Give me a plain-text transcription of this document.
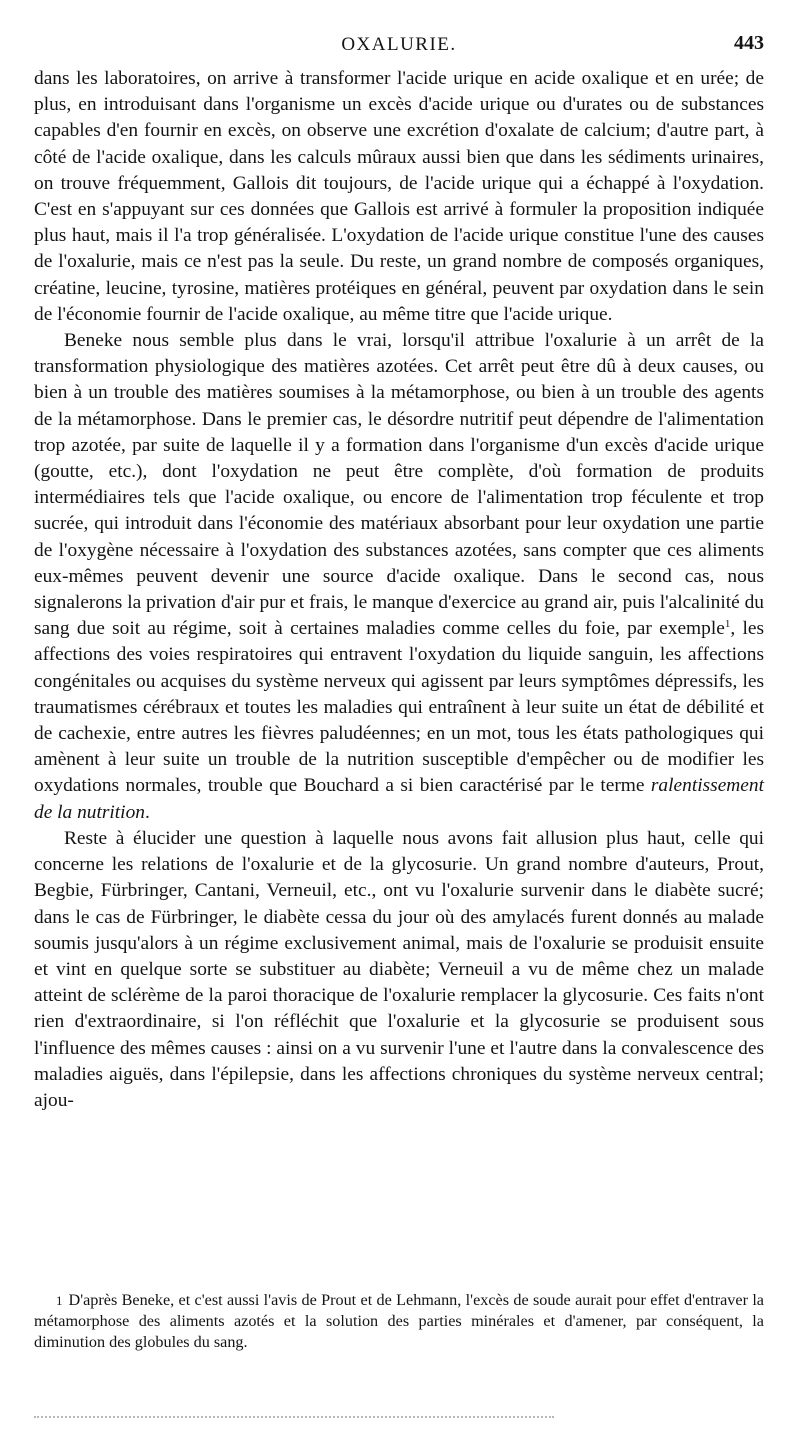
OXALURIE.	443

dans les laboratoires, on arrive à transformer l'acide urique en acide oxalique et en urée; de plus, en introduisant dans l'organisme un excès d'acide urique ou d'urates ou de substances capables d'en fournir en excès, on observe une excrétion d'oxalate de calcium; d'autre part, à côté de l'acide oxalique, dans les calculs mûraux aussi bien que dans les sédiments urinaires, on trouve fréquemment, Gallois dit toujours, de l'acide urique qui a échappé à l'oxydation. C'est en s'appuyant sur ces données que Gallois est arrivé à formuler la proposition indiquée plus haut, mais il l'a trop généralisée. L'oxydation de l'acide urique constitue l'une des causes de l'oxalurie, mais ce n'est pas la seule. Du reste, un grand nombre de composés organiques, créatine, leucine, tyrosine, matières protéiques en général, peuvent par oxydation dans le sein de l'économie fournir de l'acide oxalique, au même titre que l'acide urique.

Beneke nous semble plus dans le vrai, lorsqu'il attribue l'oxalurie à un arrêt de la transformation physiologique des matières azotées. Cet arrêt peut être dû à deux causes, ou bien à un trouble des matières soumises à la métamorphose, ou bien à un trouble des agents de la métamorphose. Dans le premier cas, le désordre nutritif peut dépendre de l'alimentation trop azotée, par suite de laquelle il y a formation dans l'organisme d'un excès d'acide urique (goutte, etc.), dont l'oxydation ne peut être complète, d'où formation de produits intermédiaires tels que l'acide oxalique, ou encore de l'alimentation trop féculente et trop sucrée, qui introduit dans l'économie des matériaux absorbant pour leur oxydation une partie de l'oxygène nécessaire à l'oxydation des substances azotées, sans compter que ces aliments eux-mêmes peuvent devenir une source d'acide oxalique. Dans le second cas, nous signalerons la privation d'air pur et frais, le manque d'exercice au grand air, puis l'alcalinité du sang due soit au régime, soit à certaines maladies comme celles du foie, par exemple$^1$, les affections des voies respiratoires qui entravent l'oxydation du liquide sanguin, les affections congénitales ou acquises du système nerveux qui agissent par leurs symptômes dépressifs, les traumatismes cérébraux et toutes les maladies qui entraînent à leur suite un état de débilité et de cachexie, entre autres les fièvres paludéennes; en un mot, tous les états pathologiques qui amènent à leur suite un trouble de la nutrition susceptible d'empêcher ou de modifier les oxydations normales, trouble que Bouchard a si bien caractérisé par le terme ralentissement de la nutrition.

Reste à élucider une question à laquelle nous avons fait allusion plus haut, celle qui concerne les relations de l'oxalurie et de la glycosurie. Un grand nombre d'auteurs, Prout, Begbie, Fürbringer, Cantani, Verneuil, etc., ont vu l'oxalurie survenir dans le diabète sucré; dans le cas de Fürbringer, le diabète cessa du jour où des amylacés furent donnés au malade soumis jusqu'alors à un régime exclusivement animal, mais de l'oxalurie se produisit ensuite et vint en quelque sorte se substituer au diabète; Verneuil a vu de même chez un malade atteint de sclérème de la paroi thoracique de l'oxalurie remplacer la glycosurie. Ces faits n'ont rien d'extraordinaire, si l'on réfléchit que l'oxalurie et la glycosurie se produisent sous l'influence des mêmes causes : ainsi on a vu survenir l'une et l'autre dans la convalescence des maladies aiguës, dans l'épilepsie, dans les affections chroniques du système nerveux central; ajou-

1 D'après Beneke, et c'est aussi l'avis de Prout et de Lehmann, l'excès de soude aurait pour effet d'entraver la métamorphose des aliments azotés et la solution des parties minérales et d'amener, par conséquent, la diminution des globules du sang.
